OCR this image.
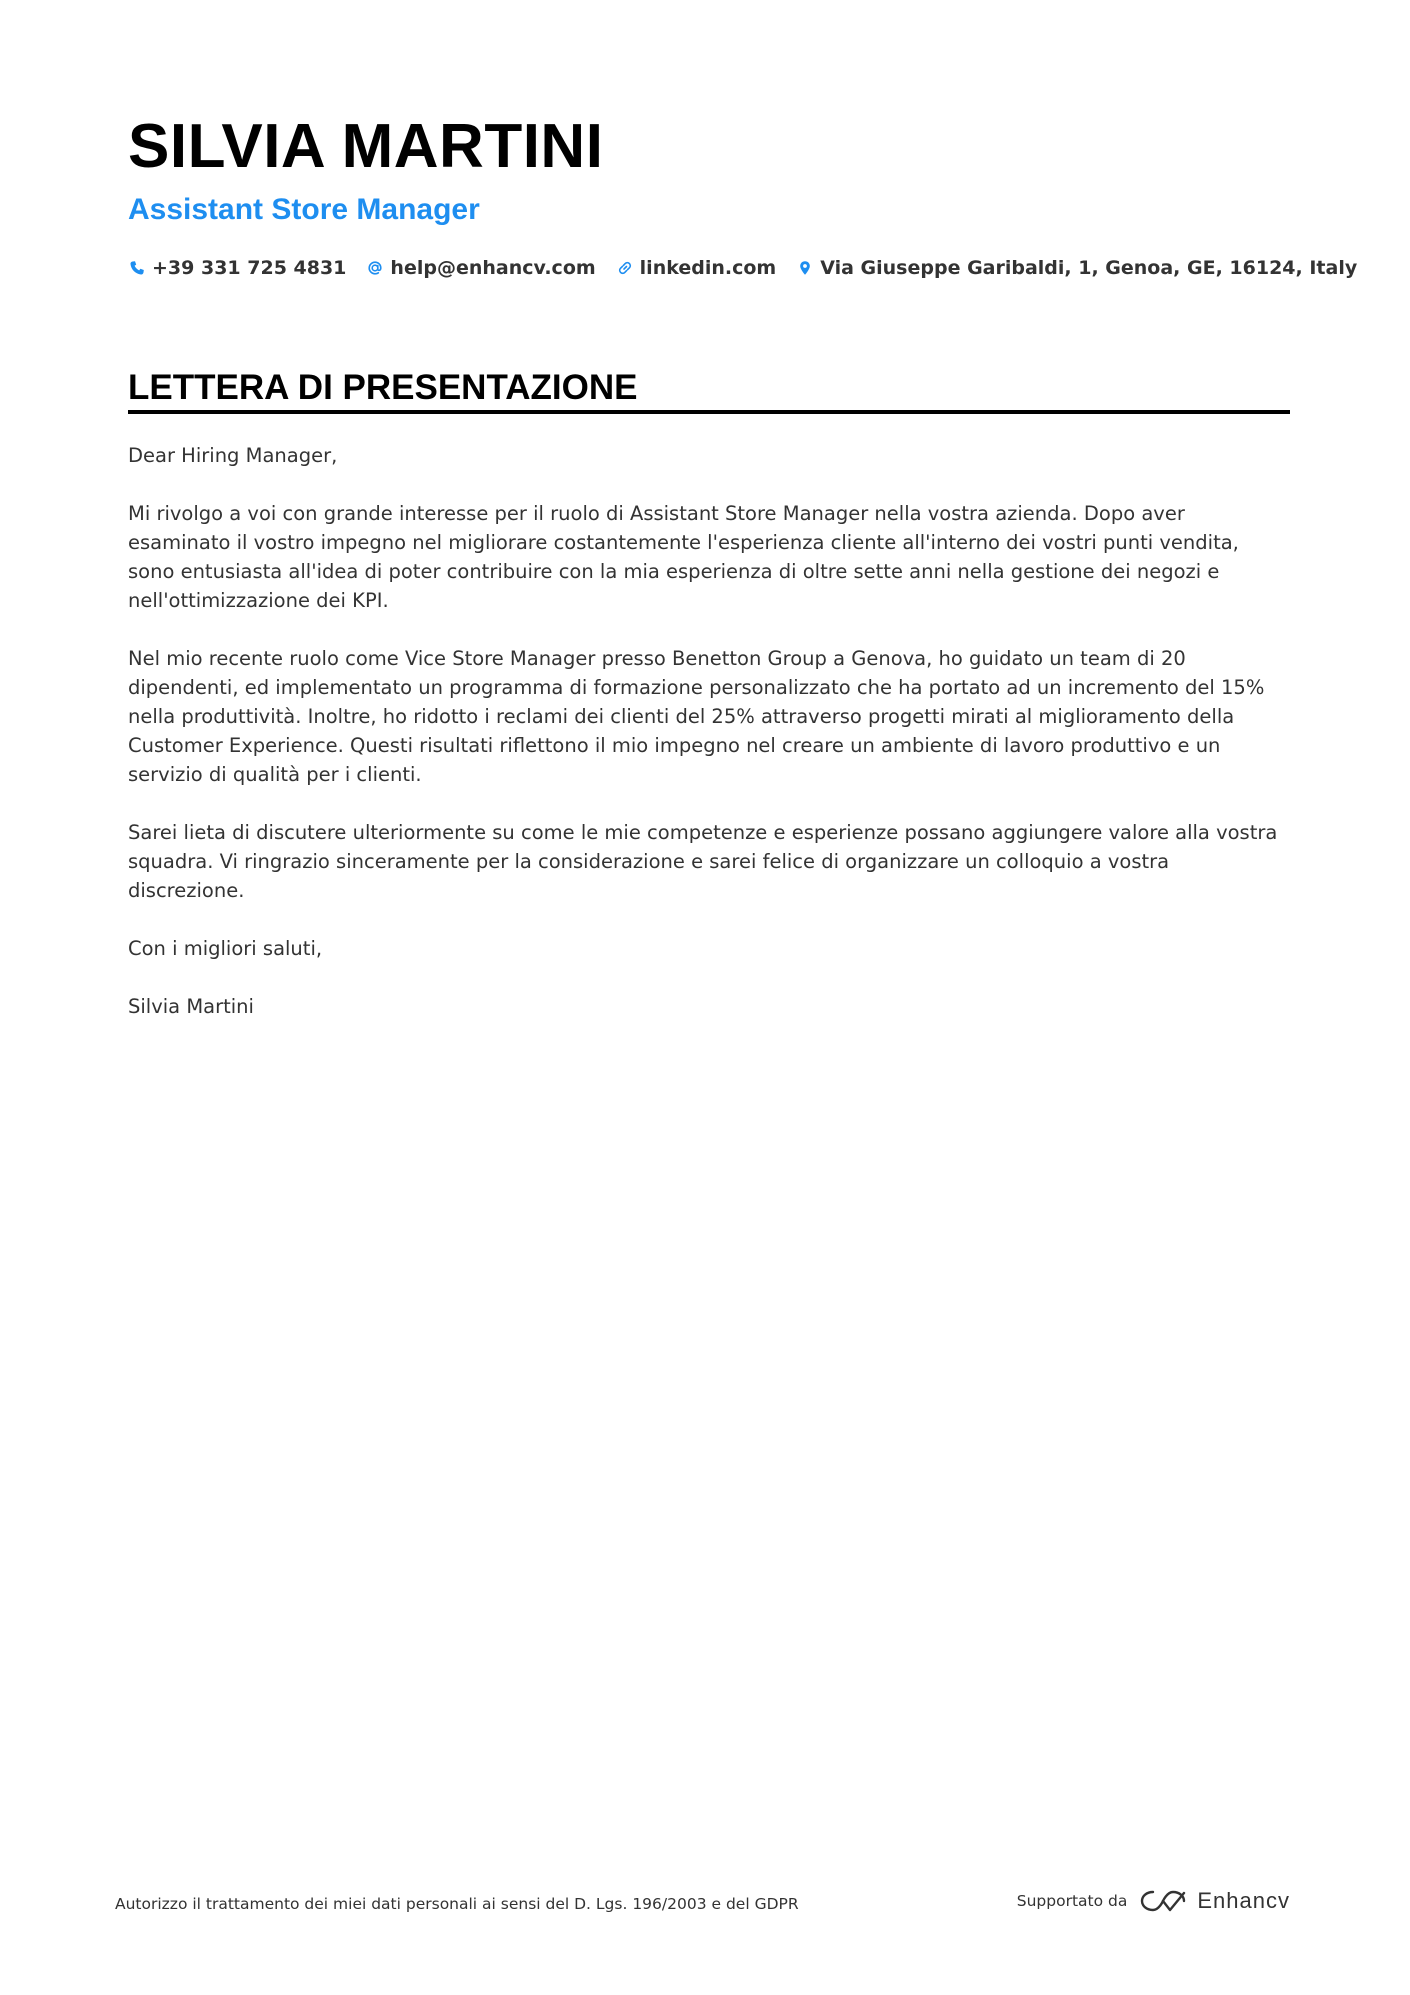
SILVIA MARTINI
Assistant Store Manager
+39 331 725 4831 help@enhancv.com linkedin.com Via Giuseppe Garibaldi, 1, Genoa, GE, 16124, Italy
LETTERA DI PRESENTAZIONE

Dear Hiring Manager,

Mi rivolgo a voi con grande interesse per il ruolo di Assistant Store Manager nella vostra azienda. Dopo aver esaminato il vostro impegno nel migliorare costantemente l'esperienza cliente all'interno dei vostri punti vendita, sono entusiasta all'idea di poter contribuire con la mia esperienza di oltre sette anni nella gestione dei negozi e nell'ottimizzazione dei KPI.

Nel mio recente ruolo come Vice Store Manager presso Benetton Group a Genova, ho guidato un team di 20 dipendenti, ed implementato un programma di formazione personalizzato che ha portato ad un incremento del 15% nella produttività. Inoltre, ho ridotto i reclami dei clienti del 25% attraverso progetti mirati al miglioramento della Customer Experience. Questi risultati riflettono il mio impegno nel creare un ambiente di lavoro produttivo e un servizio di qualità per i clienti.

Sarei lieta di discutere ulteriormente su come le mie competenze e esperienze possano aggiungere valore alla vostra squadra. Vi ringrazio sinceramente per la considerazione e sarei felice di organizzare un colloquio a vostra discrezione.

Con i migliori saluti,

Silvia Martini

Autorizzo il trattamento dei miei dati personali ai sensi del D. Lgs. 196/2003 e del GDPR	Supportato da	Enhancv
